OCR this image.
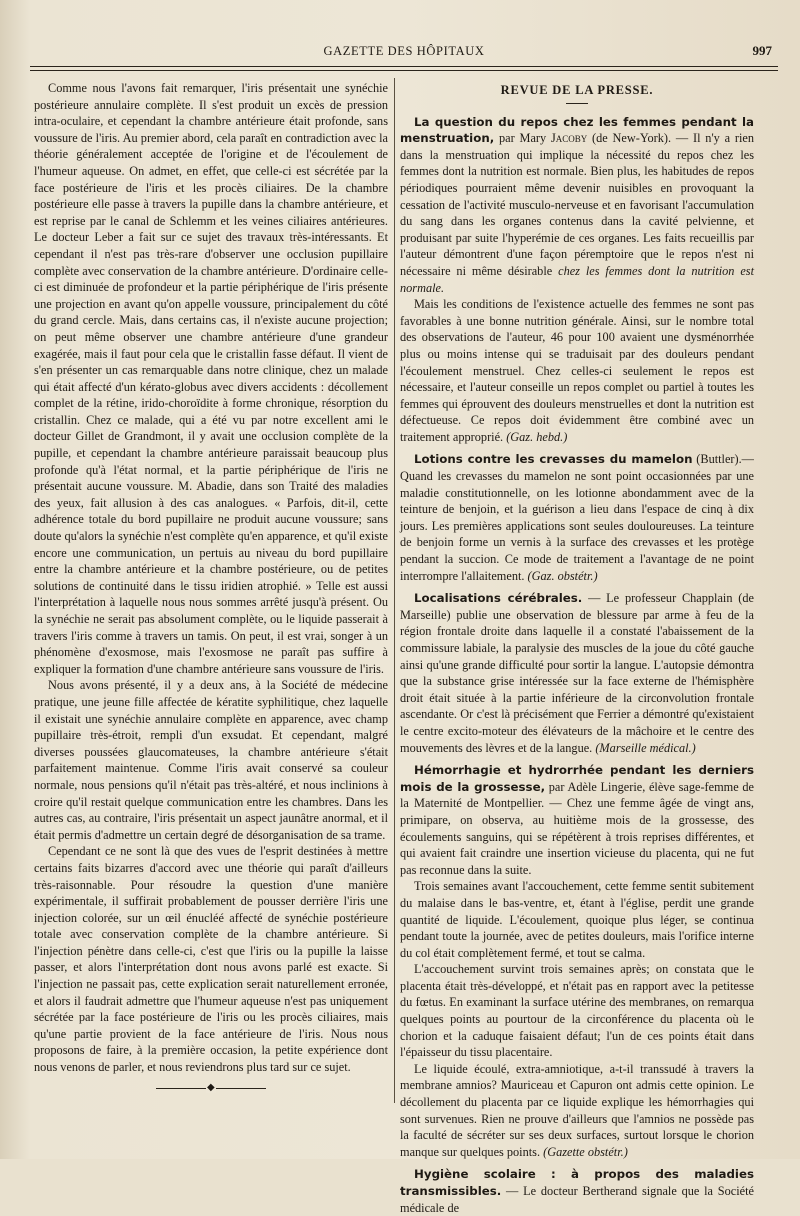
GAZETTE DES HÔPITAUX	997

Comme nous l'avons fait remarquer, l'iris présentait une synéchie postérieure annulaire complète. Il s'est produit un excès de pression intra-oculaire, et cependant la chambre antérieure était profonde, sans voussure de l'iris. Au premier abord, cela paraît en contradiction avec la théorie généralement acceptée de l'origine et de l'écoulement de l'humeur aqueuse. On admet, en effet, que celle-ci est sécrétée par la face postérieure de l'iris et les procès ciliaires. De la chambre postérieure elle passe à travers la pupille dans la chambre antérieure, et est reprise par le canal de Schlemm et les veines ciliaires antérieures. Le docteur Leber a fait sur ce sujet des travaux très-intéressants. Et cependant il n'est pas très-rare d'observer une occlusion pupillaire complète avec conservation de la chambre antérieure. D'ordinaire celle-ci est diminuée de profondeur et la partie périphérique de l'iris présente une projection en avant qu'on appelle voussure, principalement du côté du grand cercle. Mais, dans certains cas, il n'existe aucune projection; on peut même observer une chambre antérieure d'une grandeur exagérée, mais il faut pour cela que le cristallin fasse défaut. Il vient de s'en présenter un cas remarquable dans notre clinique, chez un malade qui était affecté d'un kérato-globus avec divers accidents : décollement complet de la rétine, irido-choroïdite à forme chronique, résorption du cristallin. Chez ce malade, qui a été vu par notre excellent ami le docteur Gillet de Grandmont, il y avait une occlusion complète de la pupille, et cependant la chambre antérieure paraissait beaucoup plus profonde qu'à l'état normal, et la partie périphérique de l'iris ne présentait aucune voussure. M. Abadie, dans son Traité des maladies des yeux, fait allusion à des cas analogues. « Parfois, dit-il, cette adhérence totale du bord pupillaire ne produit aucune voussure; sans doute qu'alors la synéchie n'est complète qu'en apparence, et qu'il existe encore une communication, un pertuis au niveau du bord pupillaire entre la chambre antérieure et la chambre postérieure, ou de petites solutions de continuité dans le tissu iridien atrophié. » Telle est aussi l'interprétation à laquelle nous nous sommes arrêté jusqu'à présent. Ou la synéchie ne serait pas absolument complète, ou le liquide passerait à travers l'iris comme à travers un tamis. On peut, il est vrai, songer à un phénomène d'exosmose, mais l'exosmose ne paraît pas suffire à expliquer la formation d'une chambre antérieure sans voussure de l'iris.

Nous avons présenté, il y a deux ans, à la Société de médecine pratique, une jeune fille affectée de kératite syphilitique, chez laquelle il existait une synéchie annulaire complète en apparence, avec champ pupillaire très-étroit, rempli d'un exsudat. Et cependant, malgré diverses poussées glaucomateuses, la chambre antérieure s'était parfaitement maintenue. Comme l'iris avait conservé sa couleur normale, nous pensions qu'il n'était pas très-altéré, et nous inclinions à croire qu'il restait quelque communication entre les chambres. Dans les autres cas, au contraire, l'iris présentait un aspect jaunâtre anormal, et il était permis d'admettre un certain degré de désorganisation de sa trame.

Cependant ce ne sont là que des vues de l'esprit destinées à mettre certains faits bizarres d'accord avec une théorie qui paraît d'ailleurs très-raisonnable. Pour résoudre la question d'une manière expérimentale, il suffirait probablement de pousser derrière l'iris une injection colorée, sur un œil énucléé affecté de synéchie postérieure totale avec conservation complète de la chambre antérieure. Si l'injection pénètre dans celle-ci, c'est que l'iris ou la pupille la laisse passer, et alors l'interprétation dont nous avons parlé est exacte. Si l'injection ne passait pas, cette explication serait naturellement erronée, et alors il faudrait admettre que l'humeur aqueuse n'est pas uniquement sécrétée par la face postérieure de l'iris ou les procès ciliaires, mais qu'une partie provient de la face antérieure de l'iris. Nous nous proposons de faire, à la première occasion, la petite expérience dont nous venons de parler, et nous reviendrons plus tard sur ce sujet.

◆
REVUE DE LA PRESSE.

La question du repos chez les femmes pendant la menstruation, par Mary Jacoby (de New-York). — Il n'y a rien dans la menstruation qui implique la nécessité du repos chez les femmes dont la nutrition est normale. Bien plus, les habitudes de repos périodiques pourraient même devenir nuisibles en provoquant la cessation de l'activité musculo-nerveuse et en favorisant l'accumulation du sang dans les organes contenus dans la cavité pelvienne, et produisant par suite l'hyperémie de ces organes. Les faits recueillis par l'auteur démontrent d'une façon péremptoire que le repos n'est ni nécessaire ni même désirable chez les femmes dont la nutrition est normale.

Mais les conditions de l'existence actuelle des femmes ne sont pas favorables à une bonne nutrition générale. Ainsi, sur le nombre total des observations de l'auteur, 46 pour 100 avaient une dysménorrhée plus ou moins intense qui se traduisait par des douleurs pendant l'écoulement menstruel. Chez celles-ci seulement le repos est nécessaire, et l'auteur conseille un repos complet ou partiel à toutes les femmes qui éprouvent des douleurs menstruelles et dont la nutrition est défectueuse. Ce repos doit évidemment être combiné avec un traitement approprié. (Gaz. hebd.)

Lotions contre les crevasses du mamelon (Buttler).— Quand les crevasses du mamelon ne sont point occasionnées par une maladie constitutionnelle, on les lotionne abondamment avec de la teinture de benjoin, et la guérison a lieu dans l'espace de cinq à dix jours. Les premières applications sont seules douloureuses. La teinture de benjoin forme un vernis à la surface des crevasses et les protège pendant la succion. Ce mode de traitement a l'avantage de ne point interrompre l'allaitement. (Gaz. obstétr.)

Localisations cérébrales. — Le professeur Chapplain (de Marseille) publie une observation de blessure par arme à feu de la région frontale droite dans laquelle il a constaté l'abaissement de la commissure labiale, la paralysie des muscles de la joue du côté gauche ainsi qu'une grande difficulté pour sortir la langue. L'autopsie démontra que la substance grise intéressée sur la face externe de l'hémisphère droit était située à la partie inférieure de la circonvolution frontale ascendante. Or c'est là précisément que Ferrier a démontré qu'existaient le centre excito-moteur des élévateurs de la mâchoire et le centre des mouvements des lèvres et de la langue. (Marseille médical.)

Hémorrhagie et hydrorrhée pendant les derniers mois de la grossesse, par Adèle Lingerie, élève sage-femme de la Maternité de Montpellier. — Chez une femme âgée de vingt ans, primipare, on observa, au huitième mois de la grossesse, des écoulements sanguins, qui se répétèrent à trois reprises différentes, et qui avaient fait craindre une insertion vicieuse du placenta, qui ne fut pas reconnue dans la suite.

Trois semaines avant l'accouchement, cette femme sentit subitement du malaise dans le bas-ventre, et, étant à l'église, perdit une grande quantité de liquide. L'écoulement, quoique plus léger, se continua pendant toute la journée, avec de petites douleurs, mais l'orifice interne du col était complètement fermé, et tout se calma.

L'accouchement survint trois semaines après; on constata que le placenta était très-développé, et n'était pas en rapport avec la petitesse du fœtus. En examinant la surface utérine des membranes, on remarqua quelques points au pourtour de la circonférence du placenta où le chorion et la caduque faisaient défaut; l'un de ces points était dans l'épaisseur du tissu placentaire.

Le liquide écoulé, extra-amniotique, a-t-il transsudé à travers la membrane amnios? Mauriceau et Capuron ont admis cette opinion. Le décollement du placenta par ce liquide explique les hémorrhagies qui sont survenues. Rien ne prouve d'ailleurs que l'amnios ne possède pas la faculté de sécréter sur ses deux surfaces, surtout lorsque le chorion manque sur quelques points. (Gazette obstétr.)

Hygiène scolaire : à propos des maladies transmissibles. — Le docteur Bertherand signale que la Société médicale de
